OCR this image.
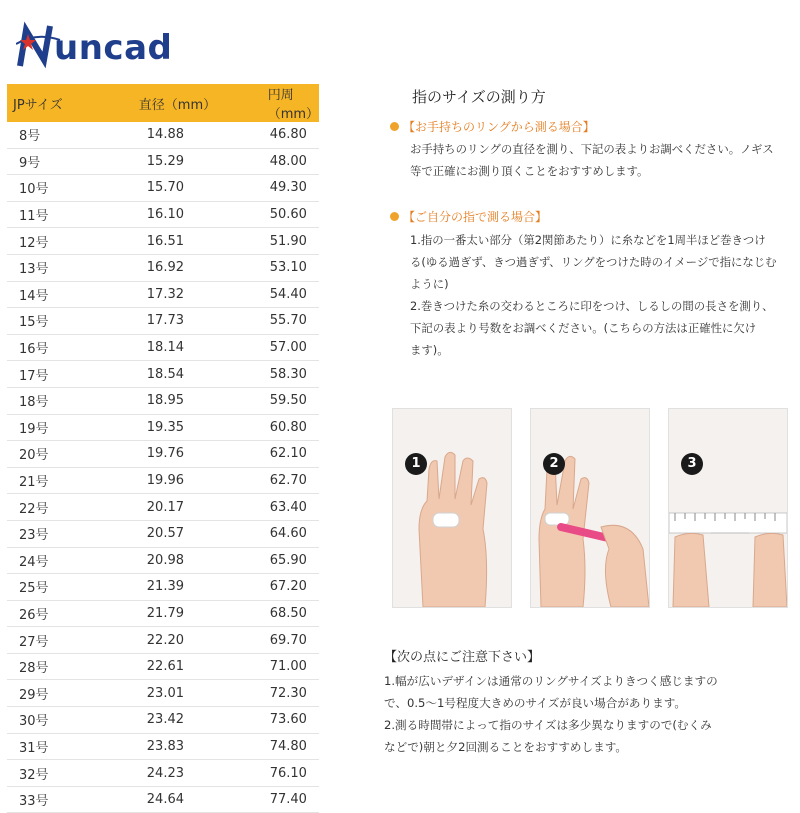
uncad
JPサイズ	直径（mm）	円周（mm）
8号	14.88	46.80
9号	15.29	48.00
10号	15.70	49.30
11号	16.10	50.60
12号	16.51	51.90
13号	16.92	53.10
14号	17.32	54.40
15号	17.73	55.70
16号	18.14	57.00
17号	18.54	58.30
18号	18.95	59.50
19号	19.35	60.80
20号	19.76	62.10
21号	19.96	62.70
22号	20.17	63.40
23号	20.57	64.60
24号	20.98	65.90
25号	21.39	67.20
26号	21.79	68.50
27号	22.20	69.70
28号	22.61	71.00
29号	23.01	72.30
30号	23.42	73.60
31号	23.83	74.80
32号	24.23	76.10
33号	24.64	77.40
指のサイズの測り方
【お手持ちのリングから測る場合】
お手持ちのリングの直径を測り、下記の表よりお調べください。ノギス
等で正確にお測り頂くことをおすすめします。
【ご自分の指で測る場合】
1.指の一番太い部分（第2関節あたり）に糸などを1周半ほど巻きつけ
る(ゆる過ぎず、きつ過ぎず、リングをつけた時のイメージで指になじむ
ように)
2.巻きつけた糸の交わるところに印をつけ、しるしの間の長さを測り、
下記の表より号数をお調べください。(こちらの方法は正確性に欠け
ます)。
1	2	3
【次の点にご注意下さい】
1.幅が広いデザインは通常のリングサイズよりきつく感じますの
で、0.5～1号程度大きめのサイズが良い場合があります。
2.測る時間帯によって指のサイズは多少異なりますので(むくみ
などで)朝と夕2回測ることをおすすめします。
